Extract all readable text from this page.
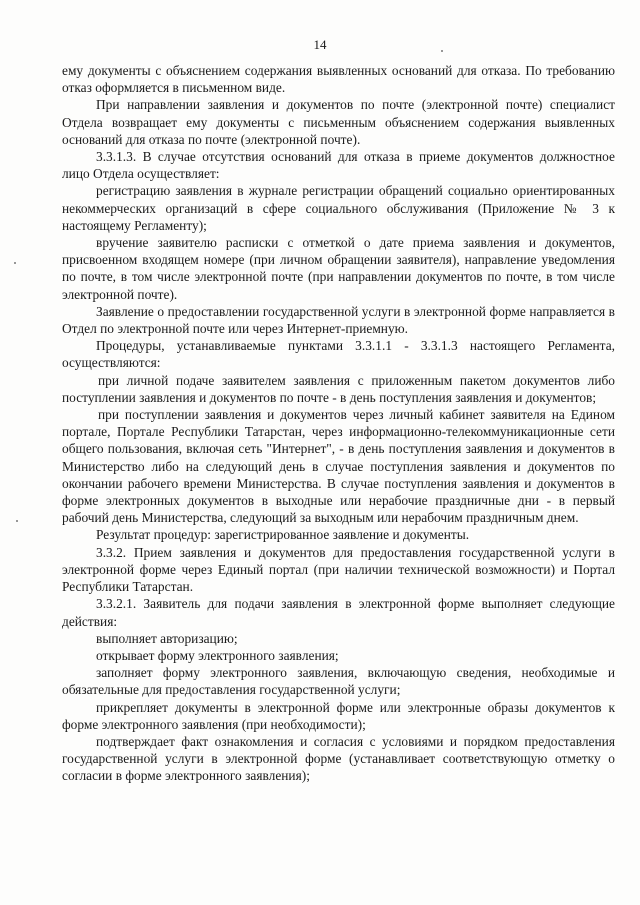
14

ему документы с объяснением содержания выявленных оснований для отказа. По требованию отказ оформляется в письменном виде.

При направлении заявления и документов по почте (электронной почте) специалист Отдела возвращает ему документы с письменным объяснением содержания выявленных оснований для отказа по почте (электронной почте).

3.3.1.3. В случае отсутствия оснований для отказа в приеме документов должностное лицо Отдела осуществляет:

регистрацию заявления в журнале регистрации обращений социально ориентированных некоммерческих организаций в сфере социального обслуживания (Приложение № 3 к настоящему Регламенту);

вручение заявителю расписки с отметкой о дате приема заявления и документов, присвоенном входящем номере (при личном обращении заявителя), направление уведомления по почте, в том числе электронной почте (при направлении документов по почте, в том числе электронной почте).

Заявление о предоставлении государственной услуги в электронной форме направляется в Отдел по электронной почте или через Интернет-приемную.

Процедуры, устанавливаемые пунктами 3.3.1.1 - 3.3.1.3 настоящего Регламента, осуществляются:

при личной подаче заявителем заявления с приложенным пакетом документов либо поступлении заявления и документов по почте - в день поступления заявления и документов;

при поступлении заявления и документов через личный кабинет заявителя на Едином портале, Портале Республики Татарстан, через информационно-телекоммуникационные сети общего пользования, включая сеть "Интернет", - в день поступления заявления и документов в Министерство либо на следующий день в случае поступления заявления и документов по окончании рабочего времени Министерства. В случае поступления заявления и документов в форме электронных документов в выходные или нерабочие праздничные дни - в первый рабочий день Министерства, следующий за выходным или нерабочим праздничным днем.

Результат процедур: зарегистрированное заявление и документы.

3.3.2. Прием заявления и документов для предоставления государственной услуги в электронной форме через Единый портал (при наличии технической возможности) и Портал Республики Татарстан.

3.3.2.1. Заявитель для подачи заявления в электронной форме выполняет следующие действия:

выполняет авторизацию;

открывает форму электронного заявления;

заполняет форму электронного заявления, включающую сведения, необходимые и обязательные для предоставления государственной услуги;

прикрепляет документы в электронной форме или электронные образы документов к форме электронного заявления (при необходимости);

подтверждает факт ознакомления и согласия с условиями и порядком предоставления государственной услуги в электронной форме (устанавливает соответствующую отметку о согласии в форме электронного заявления);
